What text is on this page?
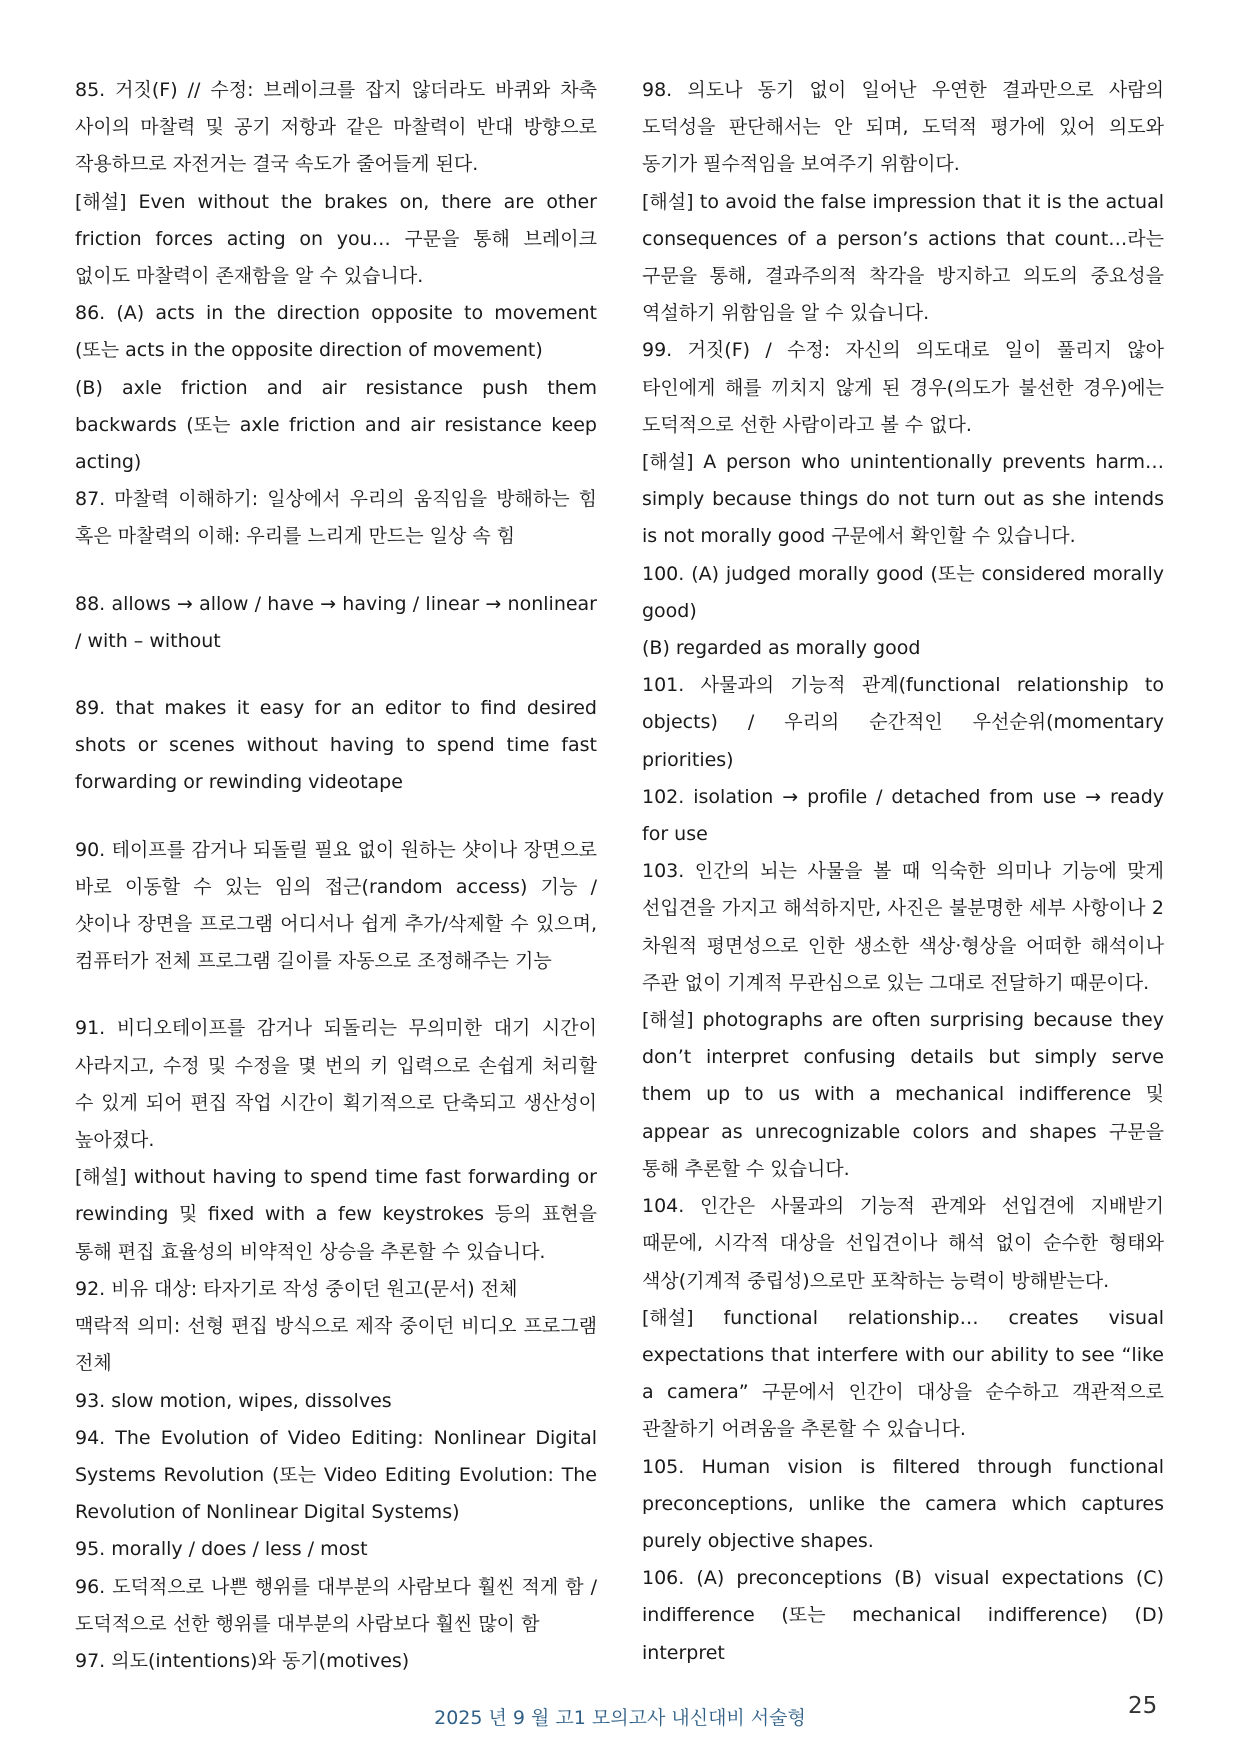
85. 거짓(F) // 수정: 브레이크를 잡지 않더라도 바퀴와 차축 사이의 마찰력 및 공기 저항과 같은 마찰력이 반대 방향으로 작용하므로 자전거는 결국 속도가 줄어들게 된다.

[해설] Even without the brakes on, there are other friction forces acting on you… 구문을 통해 브레이크 없이도 마찰력이 존재함을 알 수 있습니다.

86. (A) acts in the direction opposite to movement (또는 acts in the opposite direction of movement)

(B) axle friction and air resistance push them backwards (또는 axle friction and air resistance keep acting)

87. 마찰력 이해하기: 일상에서 우리의 움직임을 방해하는 힘 혹은 마찰력의 이해: 우리를 느리게 만드는 일상 속 힘

88. allows → allow / have → having / linear → nonlinear / with – without

89. that makes it easy for an editor to find desired shots or scenes without having to spend time fast forwarding or rewinding videotape

90. 테이프를 감거나 되돌릴 필요 없이 원하는 샷이나 장면으로 바로 이동할 수 있는 임의 접근(random access) 기능 / 샷이나 장면을 프로그램 어디서나 쉽게 추가/삭제할 수 있으며, 컴퓨터가 전체 프로그램 길이를 자동으로 조정해주는 기능

91. 비디오테이프를 감거나 되돌리는 무의미한 대기 시간이 사라지고, 수정 및 수정을 몇 번의 키 입력으로 손쉽게 처리할 수 있게 되어 편집 작업 시간이 획기적으로 단축되고 생산성이 높아졌다.

[해설] without having to spend time fast forwarding or rewinding 및 fixed with a few keystrokes 등의 표현을 통해 편집 효율성의 비약적인 상승을 추론할 수 있습니다.

92. 비유 대상: 타자기로 작성 중이던 원고(문서) 전체

맥락적 의미: 선형 편집 방식으로 제작 중이던 비디오 프로그램 전체

93. slow motion, wipes, dissolves

94. The Evolution of Video Editing: Nonlinear Digital Systems Revolution (또는 Video Editing Evolution: The Revolution of Nonlinear Digital Systems)

95. morally / does / less / most

96. 도덕적으로 나쁜 행위를 대부분의 사람보다 훨씬 적게 함 / 도덕적으로 선한 행위를 대부분의 사람보다 훨씬 많이 함

97. 의도(intentions)와 동기(motives)

98. 의도나 동기 없이 일어난 우연한 결과만으로 사람의 도덕성을 판단해서는 안 되며, 도덕적 평가에 있어 의도와 동기가 필수적임을 보여주기 위함이다.

[해설] to avoid the false impression that it is the actual consequences of a person’s actions that count…라는 구문을 통해, 결과주의적 착각을 방지하고 의도의 중요성을 역설하기 위함임을 알 수 있습니다.

99. 거짓(F) / 수정: 자신의 의도대로 일이 풀리지 않아 타인에게 해를 끼치지 않게 된 경우(의도가 불선한 경우)에는 도덕적으로 선한 사람이라고 볼 수 없다.

[해설] A person who unintentionally prevents harm… simply because things do not turn out as she intends is not morally good 구문에서 확인할 수 있습니다.

100. (A) judged morally good (또는 considered morally good)

(B) regarded as morally good

101. 사물과의 기능적 관계(functional relationship to objects) / 우리의 순간적인 우선순위(momentary priorities)

102. isolation → profile / detached from use → ready for use

103. 인간의 뇌는 사물을 볼 때 익숙한 의미나 기능에 맞게 선입견을 가지고 해석하지만, 사진은 불분명한 세부 사항이나 2 차원적 평면성으로 인한 생소한 색상·형상을 어떠한 해석이나 주관 없이 기계적 무관심으로 있는 그대로 전달하기 때문이다.

[해설] photographs are often surprising because they don’t interpret confusing details but simply serve them up to us with a mechanical indifference 및 appear as unrecognizable colors and shapes 구문을 통해 추론할 수 있습니다.

104. 인간은 사물과의 기능적 관계와 선입견에 지배받기 때문에, 시각적 대상을 선입견이나 해석 없이 순수한 형태와 색상(기계적 중립성)으로만 포착하는 능력이 방해받는다.

[해설] functional relationship… creates visual expectations that interfere with our ability to see “like a camera” 구문에서 인간이 대상을 순수하고 객관적으로 관찰하기 어려움을 추론할 수 있습니다.

105. Human vision is filtered through functional preconceptions, unlike the camera which captures purely objective shapes.

106. (A) preconceptions (B) visual expectations (C) indifference (또는 mechanical indifference) (D) interpret

2025 년 9 월 고1 모의고사 내신대비 서술형	25
